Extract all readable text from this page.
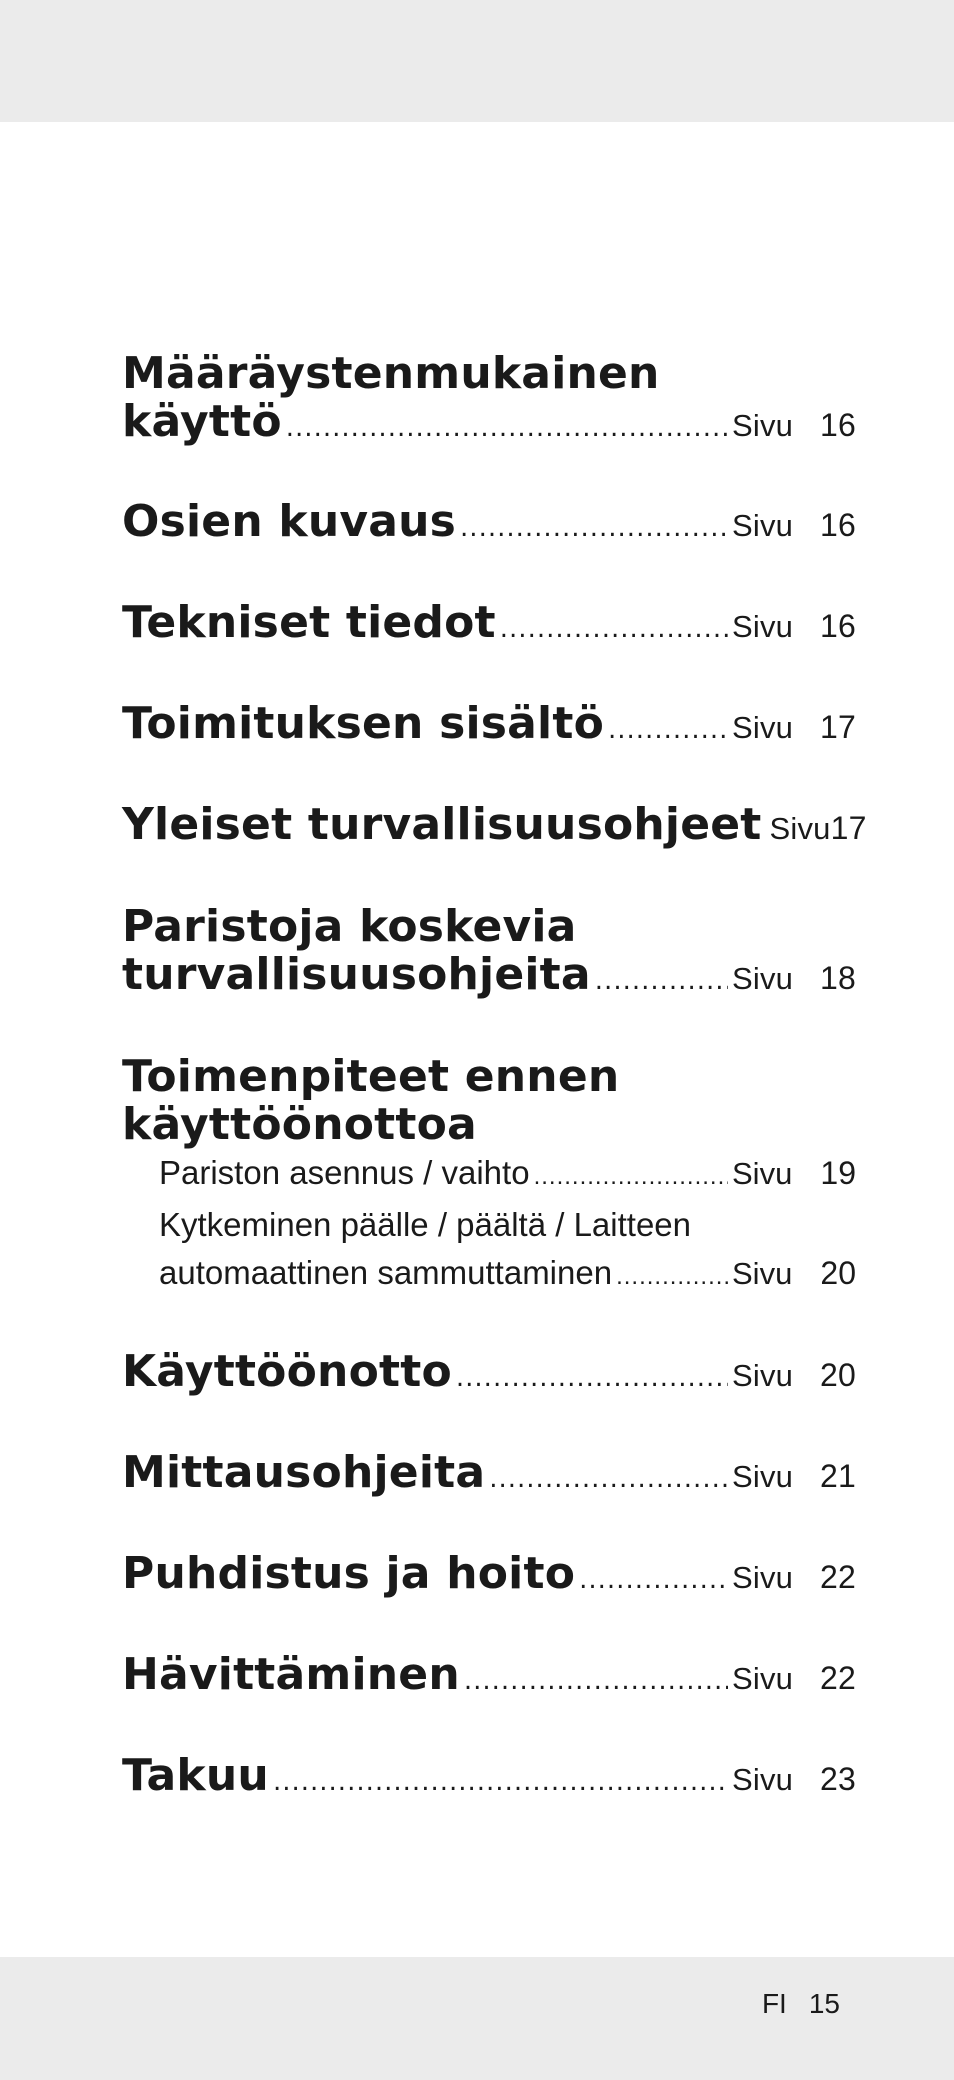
Määräystenmukainen
käyttö .....	Sivu 16
Osien kuvaus .....	Sivu 16
Tekniset tiedot .....	Sivu 16
Toimituksen sisältö .....	Sivu 17
Yleiset turvallisuusohjeet Sivu 17
Paristoja koskevia
turvallisuusohjeita .....	Sivu 18
Toimenpiteet ennen
käyttöönottoa
Pariston asennus / vaihto .....	Sivu 19
Kytkeminen päälle / päältä / Laitteen
automaattinen sammuttaminen .....	Sivu 20
Käyttöönotto .....	Sivu 20
Mittausohjeita .....	Sivu 21
Puhdistus ja hoito .....	Sivu 22
Hävittäminen .....	Sivu 22
Takuu .....	Sivu 23
FI 15
